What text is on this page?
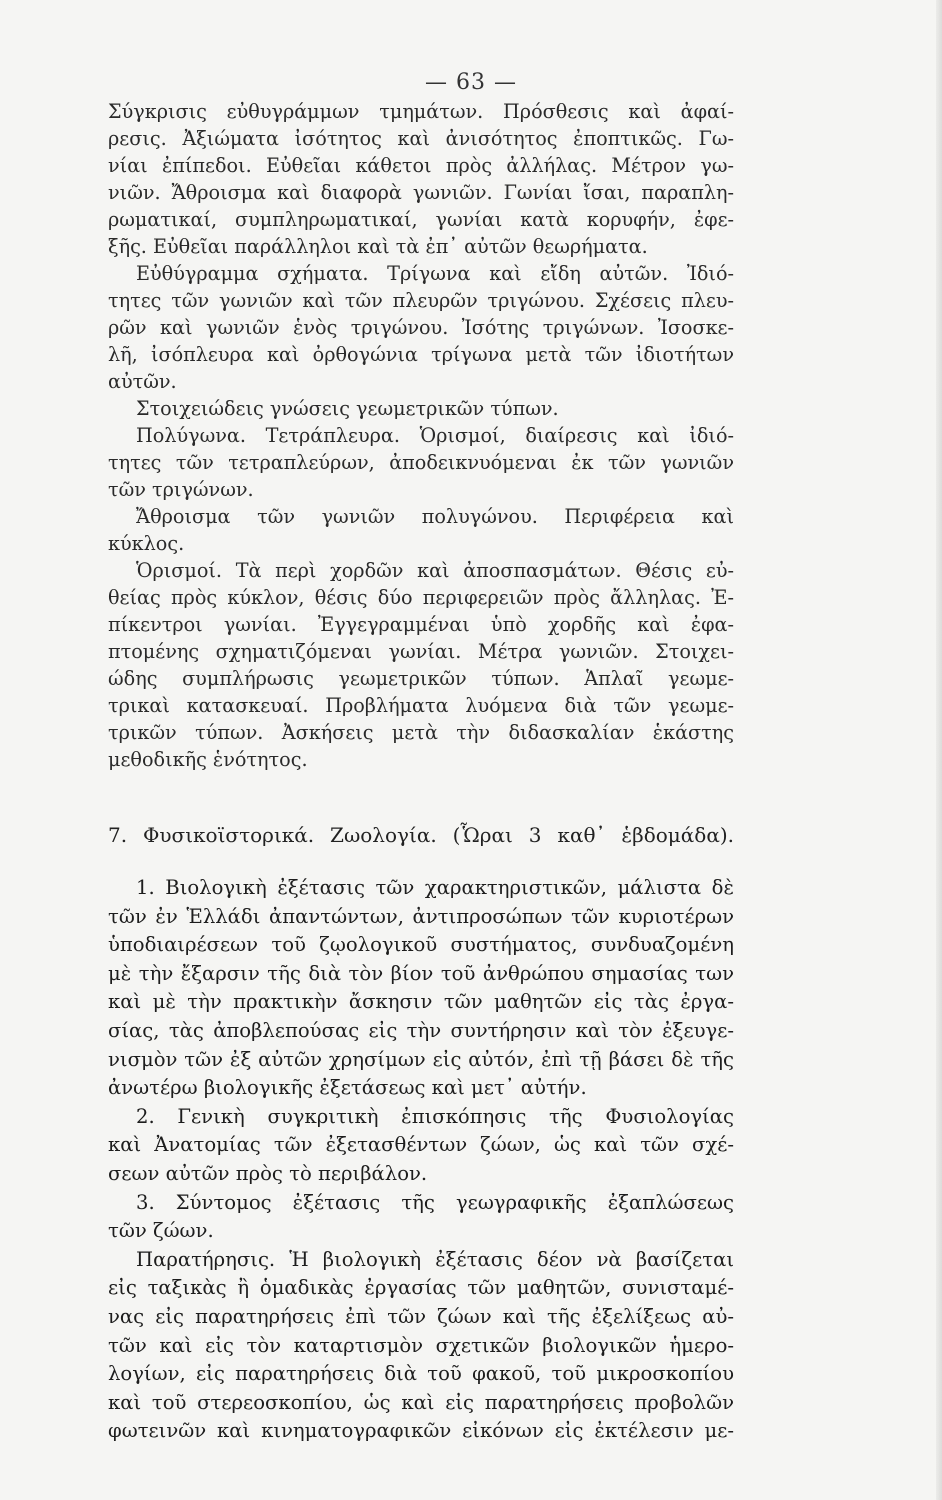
— 63 —
Σύγκρισις εὐθυγράμμων τμημάτων. Πρόσθεσις καὶ ἀφαί-
ρεσις. Ἀξιώματα ἰσότητος καὶ ἀνισότητος ἐποπτικῶς. Γω-
νίαι ἐπίπεδοι. Εὐθεῖαι κάθετοι πρὸς ἀλλήλας. Μέτρον γω-
νιῶν. Ἄθροισμα καὶ διαφορὰ γωνιῶν. Γωνίαι ἴσαι, παραπλη-
ρωματικαί, συμπληρωματικαί, γωνίαι κατὰ κορυφήν, ἐφε-
ξῆς. Εὐθεῖαι παράλληλοι καὶ τὰ ἐπ᾽ αὐτῶν θεωρήματα.
Εὐθύγραμμα σχήματα. Τρίγωνα καὶ εἴδη αὐτῶν. Ἰδιό-
τητες τῶν γωνιῶν καὶ τῶν πλευρῶν τριγώνου. Σχέσεις πλευ-
ρῶν καὶ γωνιῶν ἑνὸς τριγώνου. Ἰσότης τριγώνων. Ἰσοσκε-
λῆ, ἰσόπλευρα καὶ ὀρθογώνια τρίγωνα μετὰ τῶν ἰδιοτήτων
αὐτῶν.
Στοιχειώδεις γνώσεις γεωμετρικῶν τύπων.
Πολύγωνα. Τετράπλευρα. Ὁρισμοί, διαίρεσις καὶ ἰδιό-
τητες τῶν τετραπλεύρων, ἀποδεικνυόμεναι ἐκ τῶν γωνιῶν
τῶν τριγώνων.
Ἄθροισμα τῶν γωνιῶν πολυγώνου. Περιφέρεια καὶ
κύκλος.
Ὁρισμοί. Τὰ περὶ χορδῶν καὶ ἀποσπασμάτων. Θέσις εὐ-
θείας πρὸς κύκλον, θέσις δύο περιφερειῶν πρὸς ἄλληλας. Ἐ-
πίκεντροι γωνίαι. Ἐγγεγραμμέναι ὑπὸ χορδῆς καὶ ἐφα-
πτομένης σχηματιζόμεναι γωνίαι. Μέτρα γωνιῶν. Στοιχει-
ώδης συμπλήρωσις γεωμετρικῶν τύπων. Ἁπλαῖ γεωμε-
τρικαὶ κατασκευαί. Προβλήματα λυόμενα διὰ τῶν γεωμε-
τρικῶν τύπων. Ἀσκήσεις μετὰ τὴν διδασκαλίαν ἑκάστης
μεθοδικῆς ἑνότητος.
7. Φυσικοϊστορικά. Ζωολογία. (Ὧραι 3 καθ᾽ ἑβδομάδα).
1. Βιολογικὴ ἐξέτασις τῶν χαρακτηριστικῶν, μάλιστα δὲ
τῶν ἐν Ἑλλάδι ἀπαντώντων, ἀντιπροσώπων τῶν κυριοτέρων
ὑποδιαιρέσεων τοῦ ζῳολογικοῦ συστήματος, συνδυαζομένη
μὲ τὴν ἔξαρσιν τῆς διὰ τὸν βίον τοῦ ἀνθρώπου σημασίας των
καὶ μὲ τὴν πρακτικὴν ἄσκησιν τῶν μαθητῶν εἰς τὰς ἐργα-
σίας, τὰς ἀποβλεπούσας εἰς τὴν συντήρησιν καὶ τὸν ἐξευγε-
νισμὸν τῶν ἐξ αὐτῶν χρησίμων εἰς αὐτόν, ἐπὶ τῇ βάσει δὲ τῆς
ἀνωτέρω βιολογικῆς ἐξετάσεως καὶ μετ᾽ αὐτήν.
2. Γενικὴ συγκριτικὴ ἐπισκόπησις τῆς Φυσιολογίας
καὶ Ἀνατομίας τῶν ἐξετασθέντων ζώων, ὡς καὶ τῶν σχέ-
σεων αὐτῶν πρὸς τὸ περιβάλον.
3. Σύντομος ἐξέτασις τῆς γεωγραφικῆς ἐξαπλώσεως
τῶν ζώων.
Παρατήρησις. Ἡ βιολογικὴ ἐξέτασις δέον νὰ βασίζεται
εἰς ταξικὰς ἢ ὁμαδικὰς ἐργασίας τῶν μαθητῶν, συνισταμέ-
νας εἰς παρατηρήσεις ἐπὶ τῶν ζώων καὶ τῆς ἐξελίξεως αὐ-
τῶν καὶ εἰς τὸν καταρτισμὸν σχετικῶν βιολογικῶν ἡμερο-
λογίων, εἰς παρατηρήσεις διὰ τοῦ φακοῦ, τοῦ μικροσκοπίου
καὶ τοῦ στερεοσκοπίου, ὡς καὶ εἰς παρατηρήσεις προβολῶν
φωτεινῶν καὶ κινηματογραφικῶν εἰκόνων εἰς ἐκτέλεσιν με-
